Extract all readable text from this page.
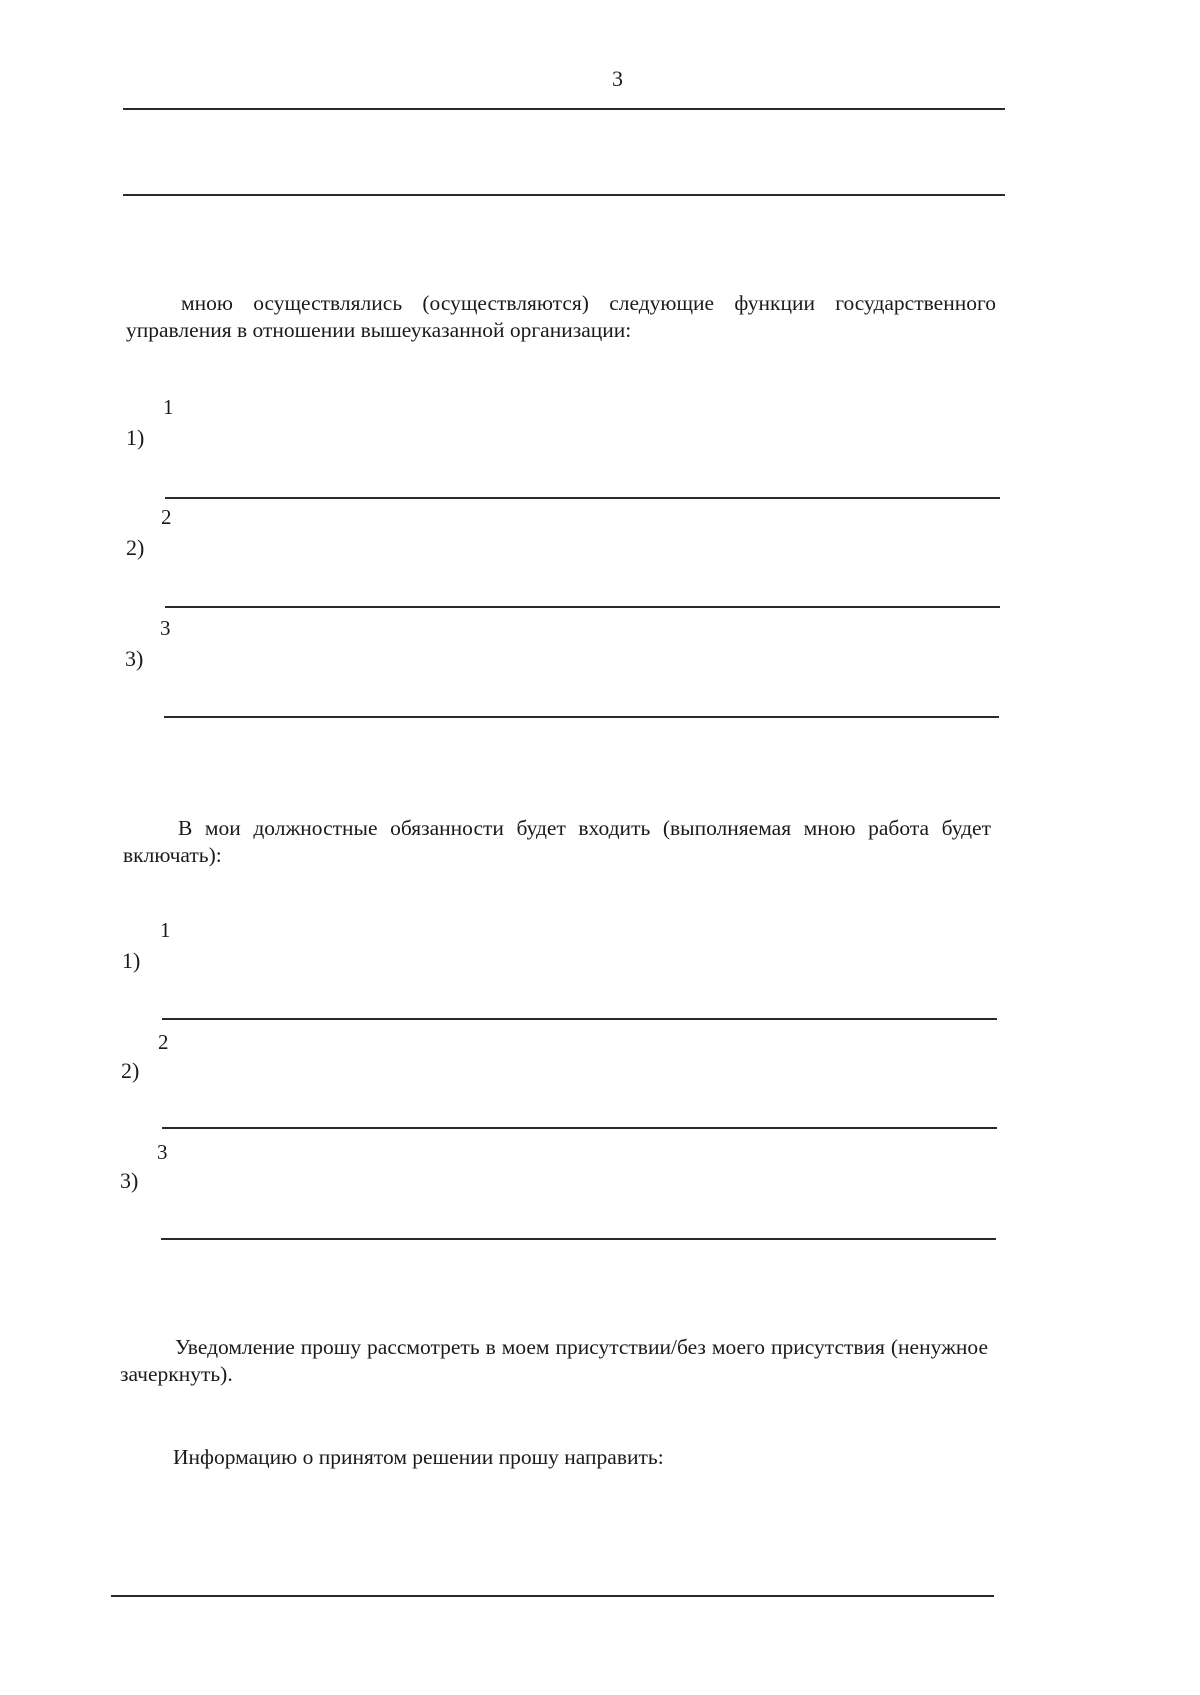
3
мною осуществлялись (осуществляются) следующие функции государственного управления в отношении вышеуказанной организации:
1
1)
2
2)
3
3)
В мои должностные обязанности будет входить (выполняемая мною работа будет включать):
1
1)
2
2)
3
3)
Уведомление прошу рассмотреть в моем присутствии/без моего присутствия (ненужное зачеркнуть).
Информацию о принятом решении прошу направить:
